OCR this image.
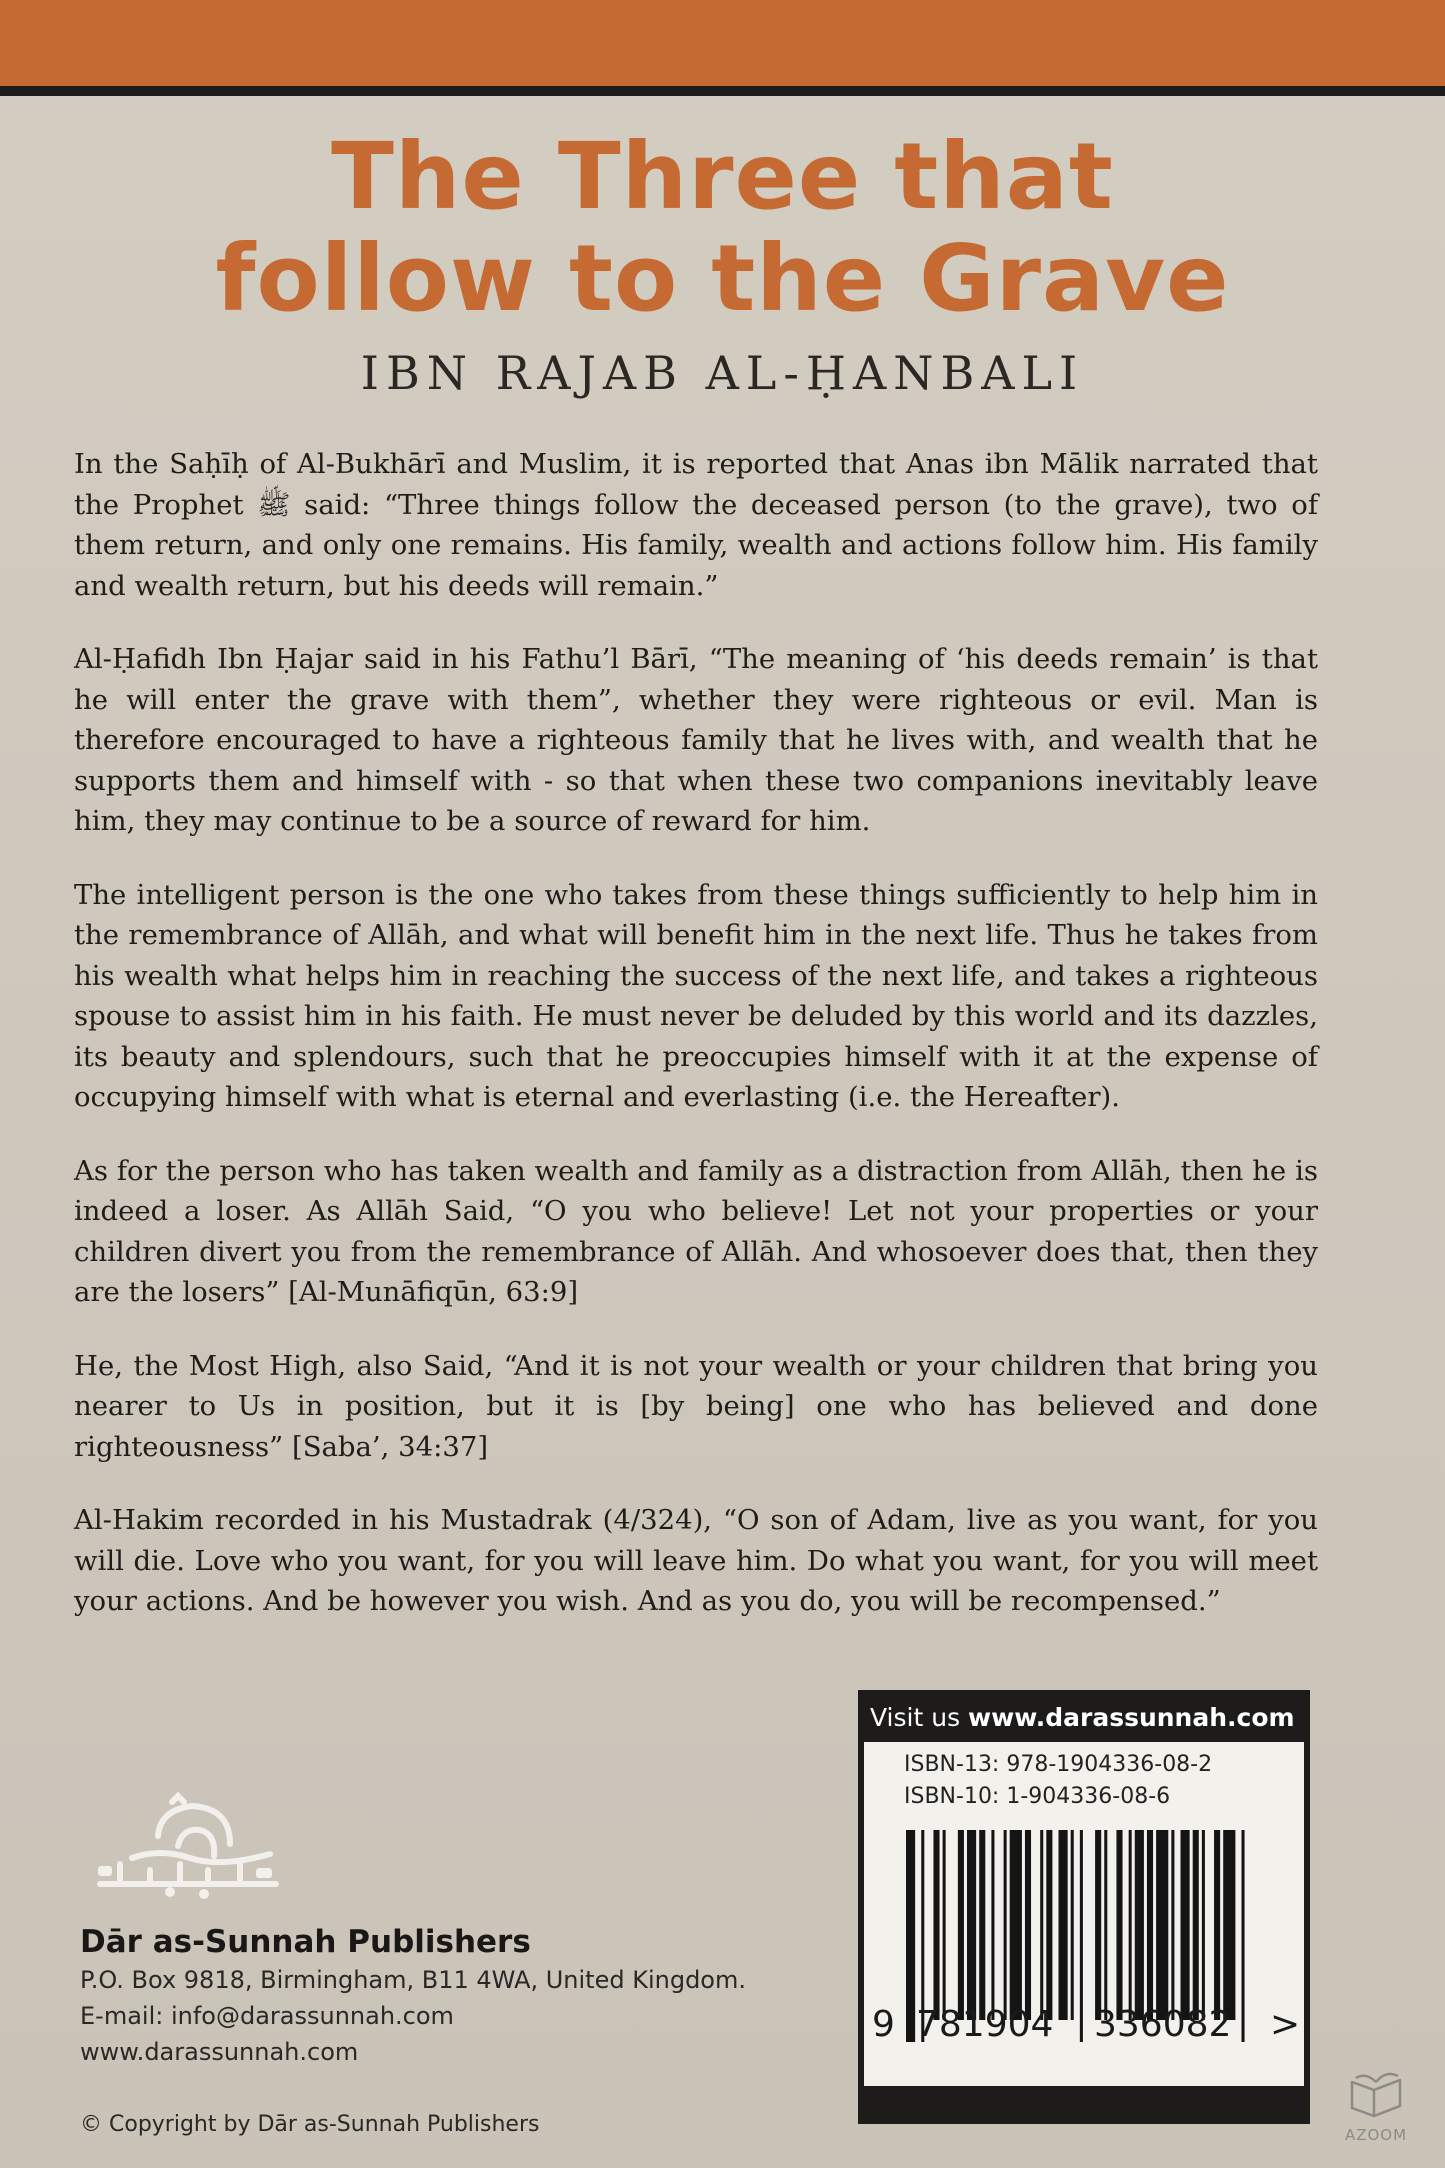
The Three that
follow to the Grave
IBN RAJAB AL-ḤANBALI

In the Saḥīḥ of Al-Bukhārī and Muslim, it is reported that Anas ibn Mālik narrated that the Prophet ﷺ said: “Three things follow the deceased person (to the grave), two of them return, and only one remains. His family, wealth and actions follow him. His family and wealth return, but his deeds will remain.”

Al-Ḥafidh Ibn Ḥajar said in his Fathu’l Bārī, “The meaning of ‘his deeds remain’ is that he will enter the grave with them”, whether they were righteous or evil. Man is therefore encouraged to have a righteous family that he lives with, and wealth that he supports them and himself with - so that when these two companions inevitably leave him, they may continue to be a source of reward for him.

The intelligent person is the one who takes from these things sufficiently to help him in the remembrance of Allāh, and what will benefit him in the next life. Thus he takes from his wealth what helps him in reaching the success of the next life, and takes a righteous spouse to assist him in his faith. He must never be deluded by this world and its dazzles, its beauty and splendours, such that he preoccupies himself with it at the expense of occupying himself with what is eternal and everlasting (i.e. the Hereafter).

As for the person who has taken wealth and family as a distraction from Allāh, then he is indeed a loser. As Allāh Said, “O you who believe! Let not your properties or your children divert you from the remembrance of Allāh. And whosoever does that, then they are the losers” [Al-Munāfiqūn, 63:9]

He, the Most High, also Said, “And it is not your wealth or your children that bring you nearer to Us in position, but it is [by being] one who has believed and done righteousness” [Saba’, 34:37]

Al-Hakim recorded in his Mustadrak (4/324), “O son of Adam, live as you want, for you will die. Love who you want, for you will leave him. Do what you want, for you will meet your actions. And be however you wish. And as you do, you will be recompensed.”

Dār as-Sunnah Publishers
P.O. Box 9818, Birmingham, B11 4WA, United Kingdom.
E-mail: info@darassunnah.com
www.darassunnah.com
© Copyright by Dār as-Sunnah Publishers
Visit us www.darassunnah.com
ISBN-13: 978-1904336-08-2
ISBN-10: 1-904336-08-6
9 781904	336082	>
AZOOM
